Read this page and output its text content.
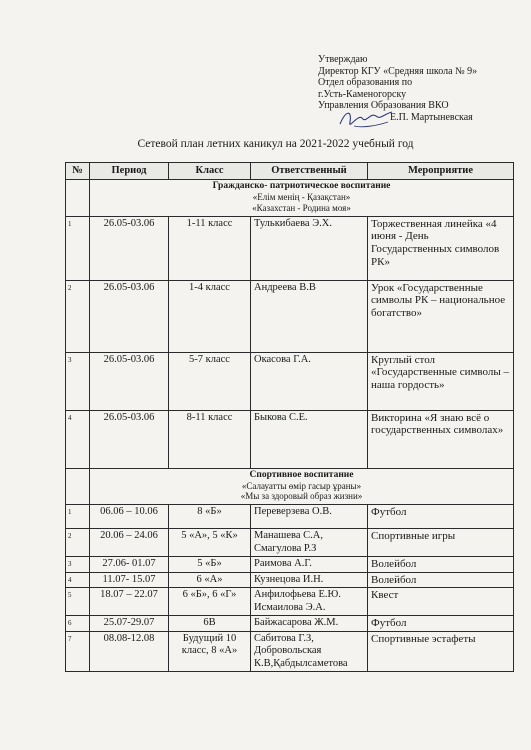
Утверждаю
Директор КГУ «Средняя школа № 9»
Отдел образования по
г.Усть-Каменогорску
Управления Образования ВКО
Е.П. Мартыневская
Сетевой план летних каникул на 2021-2022 учебный год
№	Период	Класс	Ответственный	Мероприятие

	Гражданско- патриотическое воспитание
«Елім менің - Қазақстан»
«Казахстан - Родина моя»			

1	26.05-03.06	1-11 класс	Тулькибаева Э.Х.	Торжественная линейка «4 июня - День Государственных символов РК»
2	26.05-03.06	1-4 класс	Андреева В.В	Урок «Государственные символы РК – национальное богатство»
3	26.05-03.06	5-7 класс	Окасова Г.А.	Круглый стол «Государственные символы – наша гордость»
4	26.05-03.06	8-11 класс	Быкова С.Е.	Викторина «Я знаю всё о государственных символах»

	Спортивное воспитание
«Салауатты өмір гасыр ұраны»
«Мы за здоровый образ жизни»			

1	06.06 – 10.06	8 «Б»	Переверзева О.В.	Футбол
2	20.06 – 24.06	5 «А», 5 «К»	Манашева С.А, Смагулова Р.З	Спортивные игры
3	27.06- 01.07	5 «Б»	Раимова А.Г.	Волейбол
4	11.07- 15.07	6 «А»	Кузнецова И.Н.	Волейбол
5	18.07 – 22.07	6 «Б», 6 «Г»	Анфилофьева Е.Ю. Исмаилова Э.А.	Квест
6	25.07-29.07	6В	Байжасарова Ж.М.	Футбол
7	08.08-12.08	Будущий 10 класс, 8 «А»	Сабитова Г.З, Добровольская К.В,Қабдылсаметова	Спортивные эстафеты
